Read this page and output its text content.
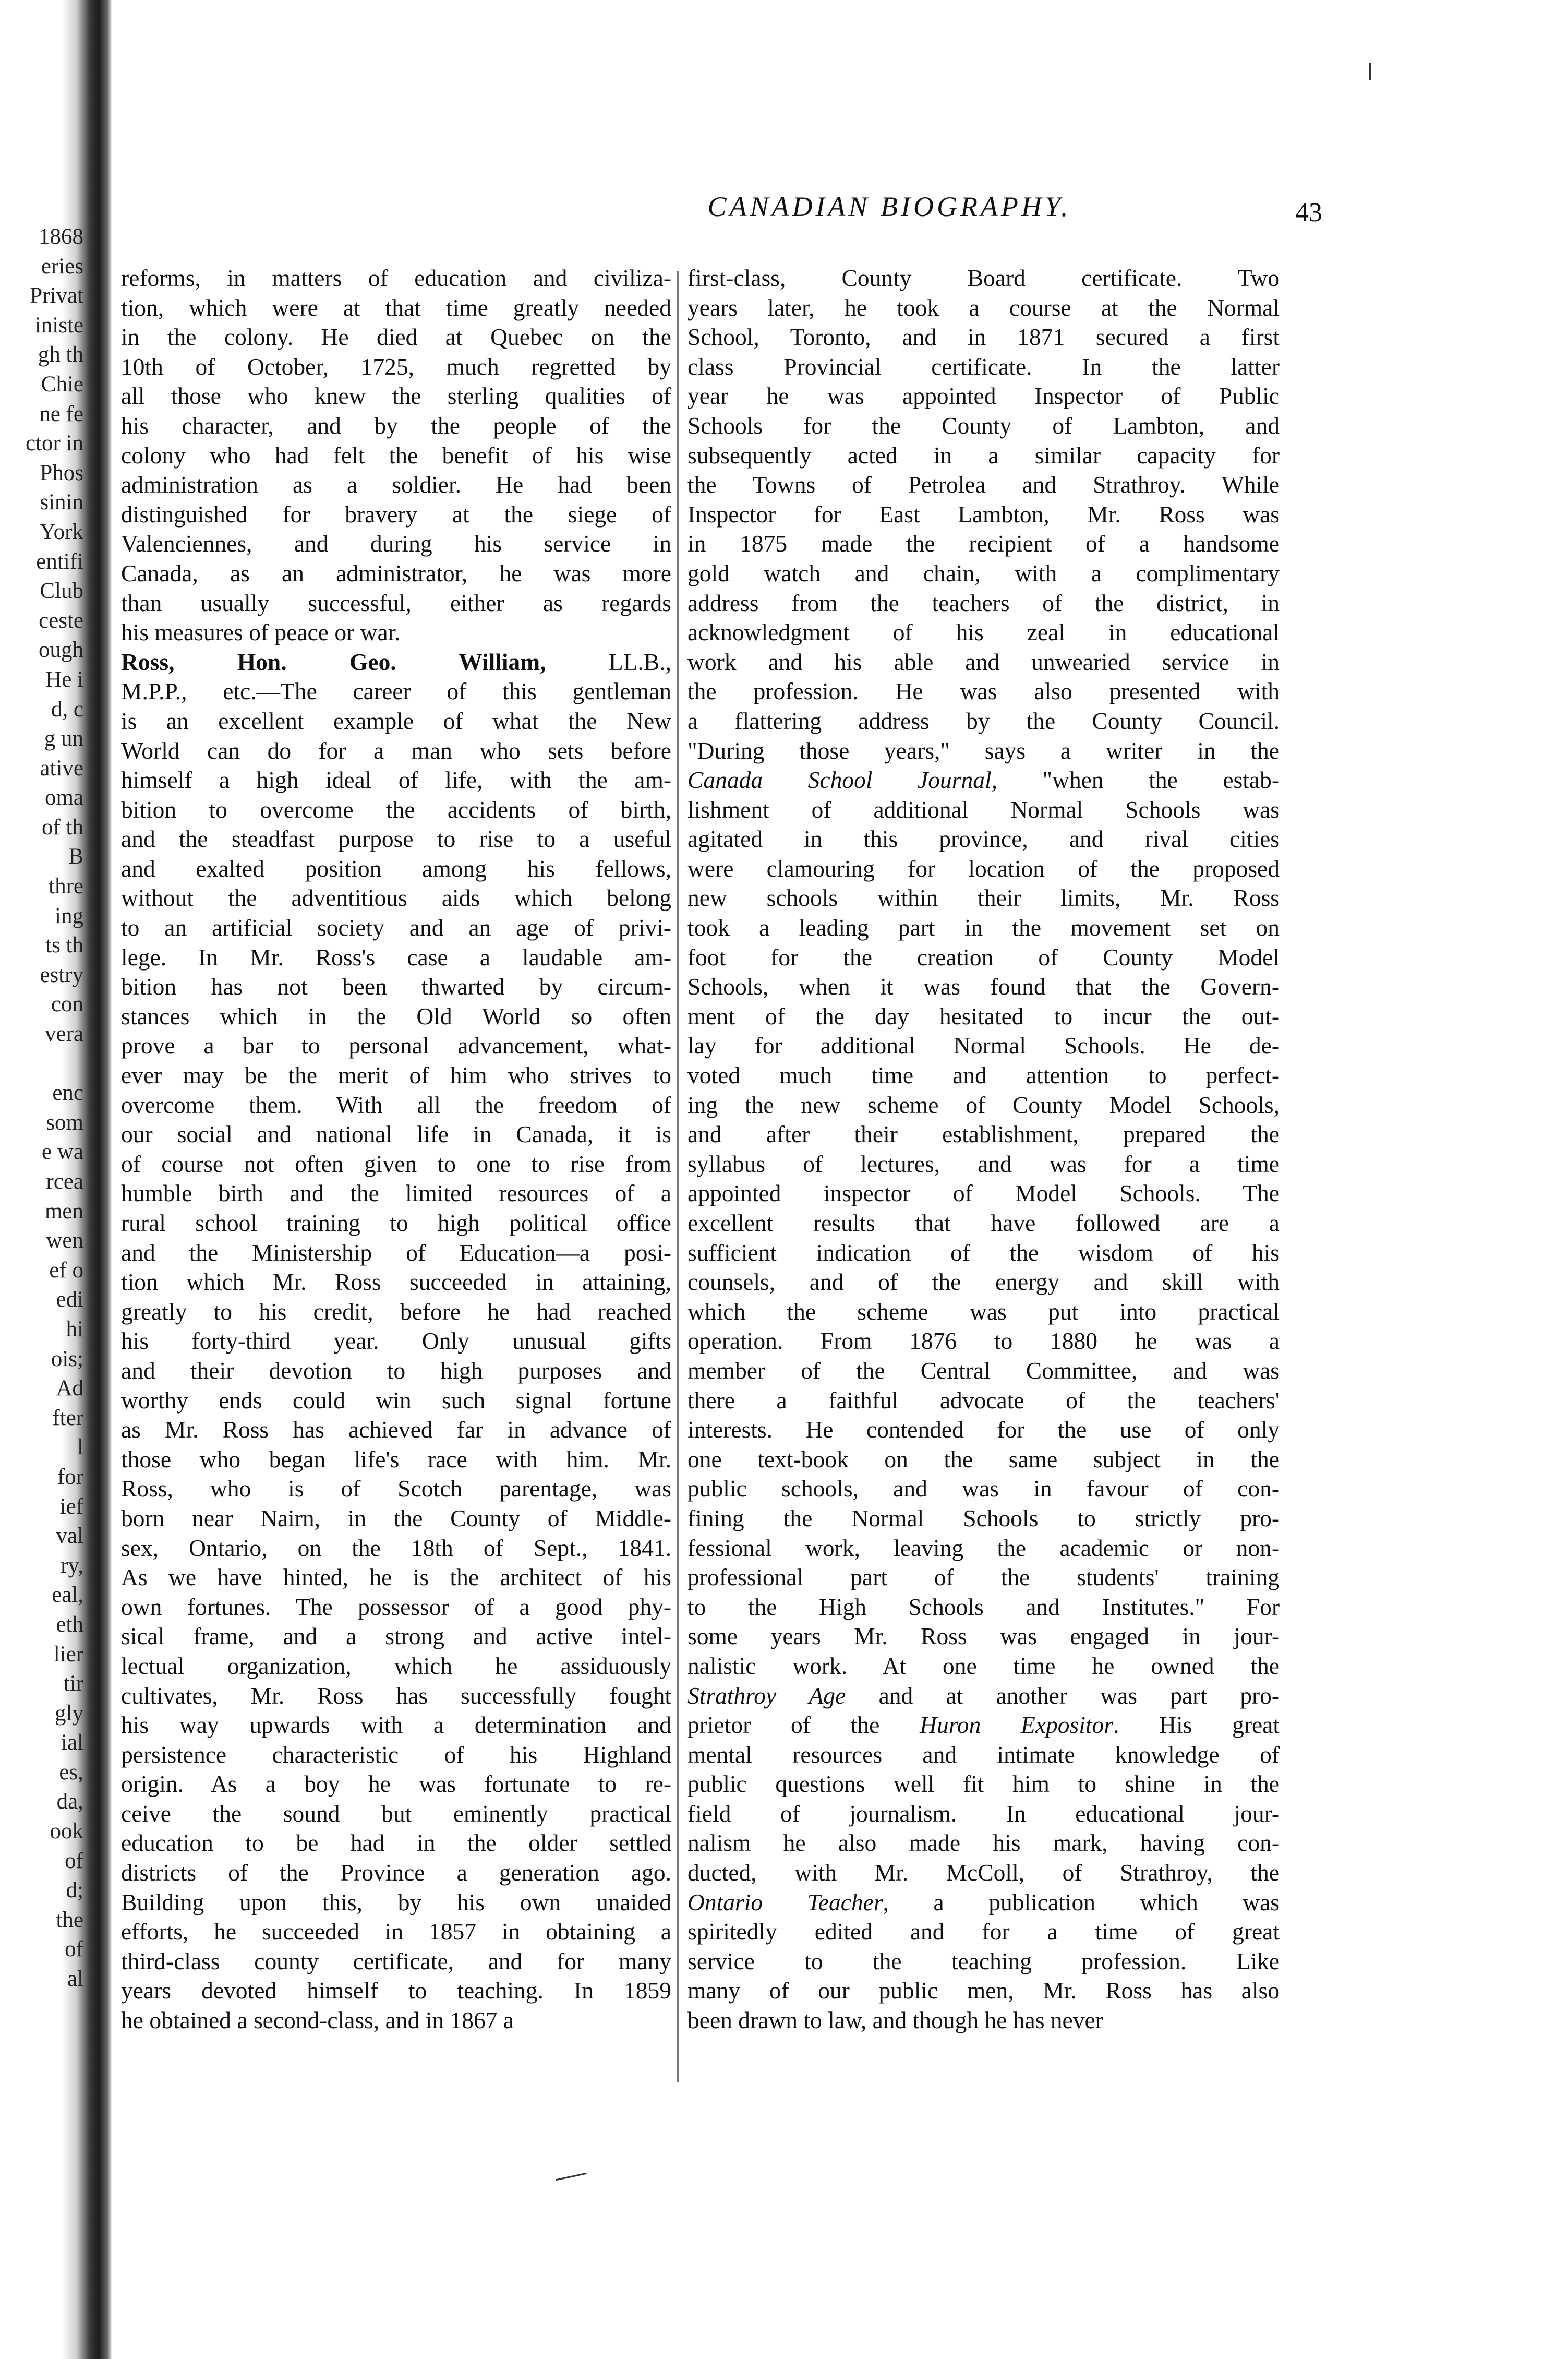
1868
eries
Privat
iniste
gh th
Chie
ne fe
ctor in
Phos
sinin
York
entifi
Club
ceste
ough
He i
d, c
g un
ative
oma
of th
B
thre
ing
ts th
estry
con
vera

enc
som
e wa
rcea
men
wen
ef o
edi
hi
ois;
Ad
fter
l
for
ief
val
ry,
eal,
eth
lier
tir
gly
ial
es,
da,
ook
of
d;
the
of
al
CANADIAN BIOGRAPHY.	43
reforms, in matters of education and civiliza-
tion, which were at that time greatly needed
in the colony. He died at Quebec on the
10th of October, 1725, much regretted by
all those who knew the sterling qualities of
his character, and by the people of the
colony who had felt the benefit of his wise
administration as a soldier. He had been
distinguished for bravery at the siege of
Valenciennes, and during his service in
Canada, as an administrator, he was more
than usually successful, either as regards
his measures of peace or war.
Ross, Hon. Geo. William, LL.B.,
M.P.P., etc.—The career of this gentleman
is an excellent example of what the New
World can do for a man who sets before
himself a high ideal of life, with the am-
bition to overcome the accidents of birth,
and the steadfast purpose to rise to a useful
and exalted position among his fellows,
without the adventitious aids which belong
to an artificial society and an age of privi-
lege. In Mr. Ross's case a laudable am-
bition has not been thwarted by circum-
stances which in the Old World so often
prove a bar to personal advancement, what-
ever may be the merit of him who strives to
overcome them. With all the freedom of
our social and national life in Canada, it is
of course not often given to one to rise from
humble birth and the limited resources of a
rural school training to high political office
and the Ministership of Education—a posi-
tion which Mr. Ross succeeded in attaining,
greatly to his credit, before he had reached
his forty-third year. Only unusual gifts
and their devotion to high purposes and
worthy ends could win such signal fortune
as Mr. Ross has achieved far in advance of
those who began life's race with him. Mr.
Ross, who is of Scotch parentage, was
born near Nairn, in the County of Middle-
sex, Ontario, on the 18th of Sept., 1841.
As we have hinted, he is the architect of his
own fortunes. The possessor of a good phy-
sical frame, and a strong and active intel-
lectual organization, which he assiduously
cultivates, Mr. Ross has successfully fought
his way upwards with a determination and
persistence characteristic of his Highland
origin. As a boy he was fortunate to re-
ceive the sound but eminently practical
education to be had in the older settled
districts of the Province a generation ago.
Building upon this, by his own unaided
efforts, he succeeded in 1857 in obtaining a
third-class county certificate, and for many
years devoted himself to teaching. In 1859
he obtained a second-class, and in 1867 a
first-class, County Board certificate. Two
years later, he took a course at the Normal
School, Toronto, and in 1871 secured a first
class Provincial certificate. In the latter
year he was appointed Inspector of Public
Schools for the County of Lambton, and
subsequently acted in a similar capacity for
the Towns of Petrolea and Strathroy. While
Inspector for East Lambton, Mr. Ross was
in 1875 made the recipient of a handsome
gold watch and chain, with a complimentary
address from the teachers of the district, in
acknowledgment of his zeal in educational
work and his able and unwearied service in
the profession. He was also presented with
a flattering address by the County Council.
"During those years," says a writer in the
Canada School Journal, "when the estab-
lishment of additional Normal Schools was
agitated in this province, and rival cities
were clamouring for location of the proposed
new schools within their limits, Mr. Ross
took a leading part in the movement set on
foot for the creation of County Model
Schools, when it was found that the Govern-
ment of the day hesitated to incur the out-
lay for additional Normal Schools. He de-
voted much time and attention to perfect-
ing the new scheme of County Model Schools,
and after their establishment, prepared the
syllabus of lectures, and was for a time
appointed inspector of Model Schools. The
excellent results that have followed are a
sufficient indication of the wisdom of his
counsels, and of the energy and skill with
which the scheme was put into practical
operation. From 1876 to 1880 he was a
member of the Central Committee, and was
there a faithful advocate of the teachers'
interests. He contended for the use of only
one text-book on the same subject in the
public schools, and was in favour of con-
fining the Normal Schools to strictly pro-
fessional work, leaving the academic or non-
professional part of the students' training
to the High Schools and Institutes." For
some years Mr. Ross was engaged in jour-
nalistic work. At one time he owned the
Strathroy Age and at another was part pro-
prietor of the Huron Expositor. His great
mental resources and intimate knowledge of
public questions well fit him to shine in the
field of journalism. In educational jour-
nalism he also made his mark, having con-
ducted, with Mr. McColl, of Strathroy, the
Ontario Teacher, a publication which was
spiritedly edited and for a time of great
service to the teaching profession. Like
many of our public men, Mr. Ross has also
been drawn to law, and though he has never
